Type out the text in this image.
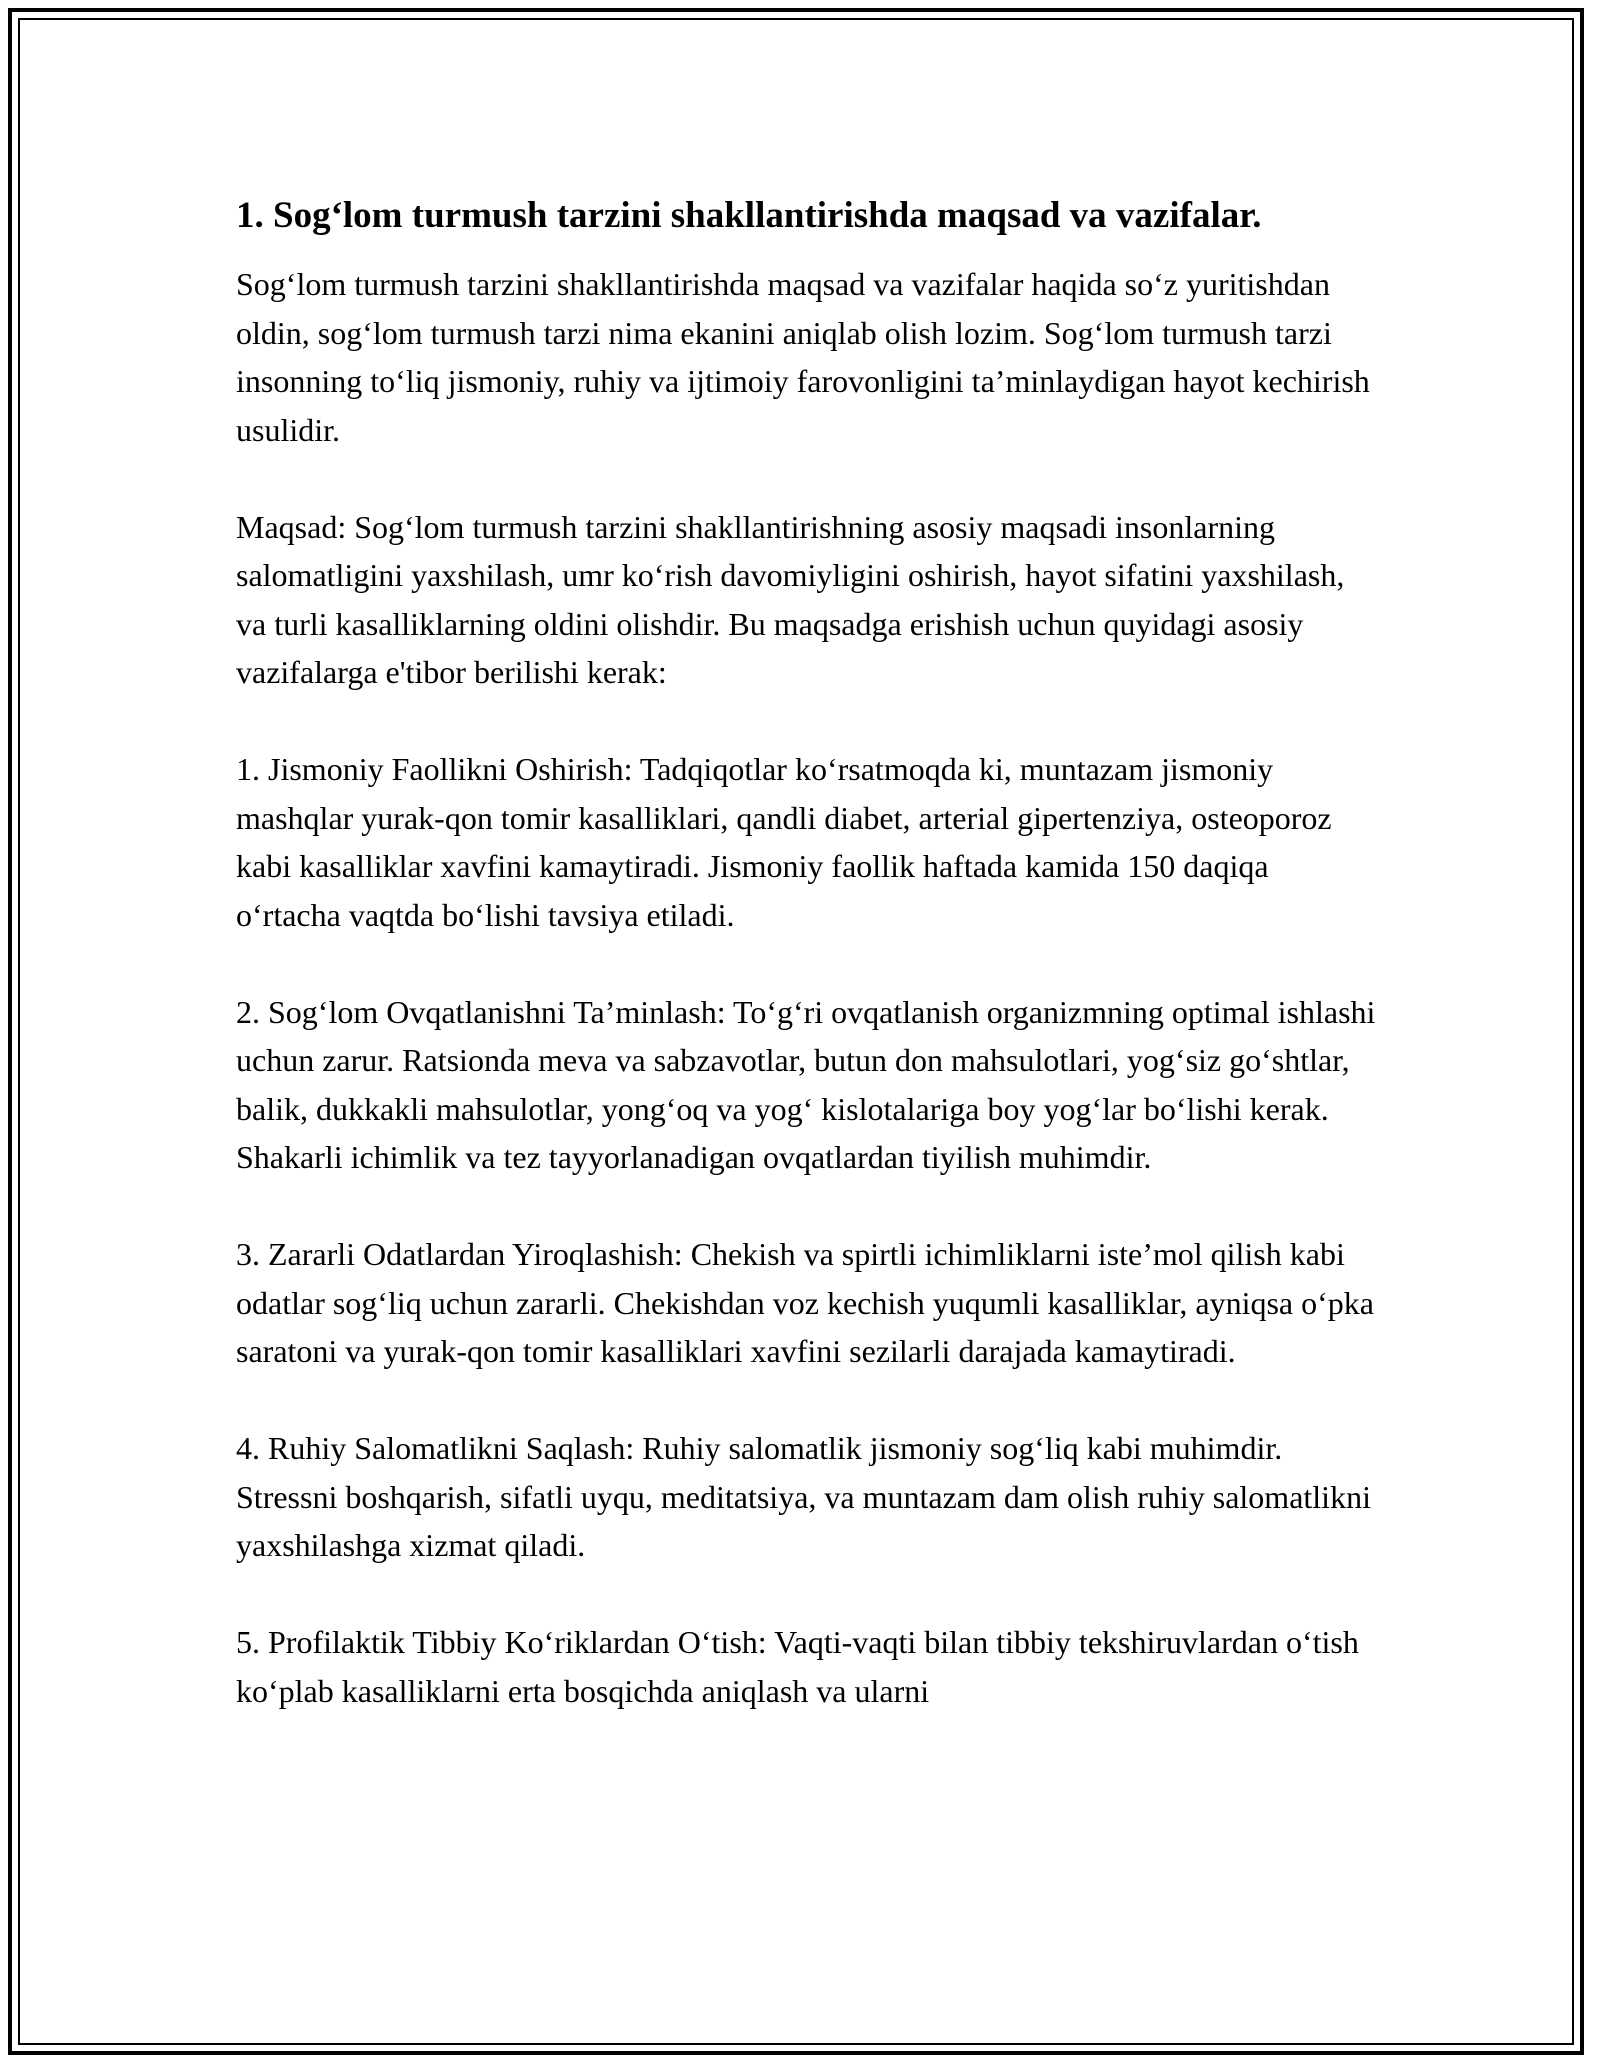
1. Sog‘lom turmush tarzini shakllantirishda maqsad va vazifalar.

Sog‘lom turmush tarzini shakllantirishda maqsad va vazifalar haqida so‘z yuritishdan oldin, sog‘lom turmush tarzi nima ekanini aniqlab olish lozim. Sog‘lom turmush tarzi insonning to‘liq jismoniy, ruhiy va ijtimoiy farovonligini ta’minlaydigan hayot kechirish usulidir.

Maqsad: Sog‘lom turmush tarzini shakllantirishning asosiy maqsadi insonlarning salomatligini yaxshilash, umr ko‘rish davomiyligini oshirish, hayot sifatini yaxshilash, va turli kasalliklarning oldini olishdir. Bu maqsadga erishish uchun quyidagi asosiy vazifalarga e'tibor berilishi kerak:

1. Jismoniy Faollikni Oshirish: Tadqiqotlar ko‘rsatmoqda ki, muntazam jismoniy mashqlar yurak-qon tomir kasalliklari, qandli diabet, arterial gipertenziya, osteoporoz kabi kasalliklar xavfini kamaytiradi. Jismoniy faollik haftada kamida 150 daqiqa o‘rtacha vaqtda bo‘lishi tavsiya etiladi.

2. Sog‘lom Ovqatlanishni Ta’minlash: To‘g‘ri ovqatlanish organizmning optimal ishlashi uchun zarur. Ratsionda meva va sabzavotlar, butun don mahsulotlari, yog‘siz go‘shtlar, balik, dukkakli mahsulotlar, yong‘oq va yog‘ kislotalariga boy yog‘lar bo‘lishi kerak. Shakarli ichimlik va tez tayyorlanadigan ovqatlardan tiyilish muhimdir.

3. Zararli Odatlardan Yiroqlashish: Chekish va spirtli ichimliklarni iste’mol qilish kabi odatlar sog‘liq uchun zararli. Chekishdan voz kechish yuqumli kasalliklar, ayniqsa o‘pka saratoni va yurak-qon tomir kasalliklari xavfini sezilarli darajada kamaytiradi.

4. Ruhiy Salomatlikni Saqlash: Ruhiy salomatlik jismoniy sog‘liq kabi muhimdir. Stressni boshqarish, sifatli uyqu, meditatsiya, va muntazam dam olish ruhiy salomatlikni yaxshilashga xizmat qiladi.

5. Profilaktik Tibbiy Ko‘riklardan O‘tish: Vaqti-vaqti bilan tibbiy tekshiruvlardan o‘tish ko‘plab kasalliklarni erta bosqichda aniqlash va ularni
